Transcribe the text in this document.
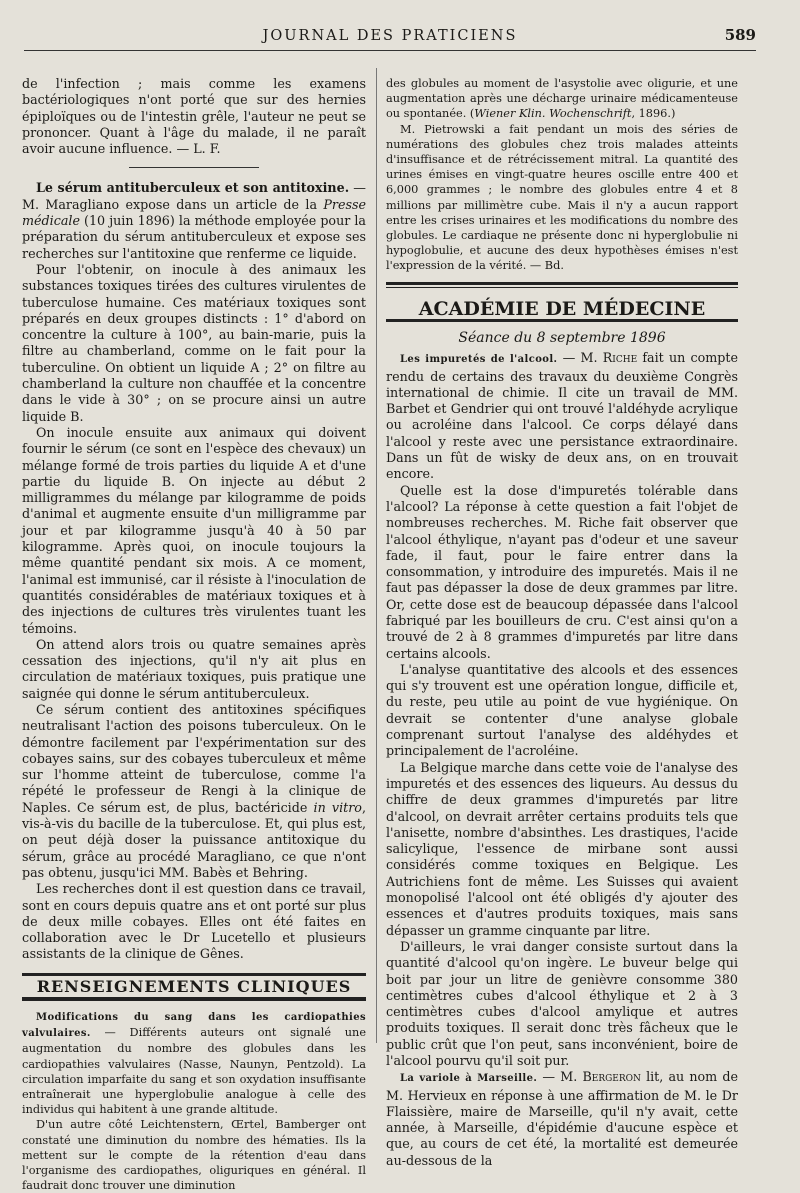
JOURNAL DES PRATICIENS	589

de l'infection ; mais comme les examens bactériologiques n'ont porté que sur des hernies épiploïques ou de l'intestin grêle, l'auteur ne peut se prononcer. Quant à l'âge du malade, il ne paraît avoir aucune influence. — L. F.

Le sérum antituberculeux et son antitoxine. — M. Maragliano expose dans un article de la Presse médicale (10 juin 1896) la méthode employée pour la préparation du sérum antituberculeux et expose ses recherches sur l'antitoxine que renferme ce liquide.

Pour l'obtenir, on inocule à des animaux les substances toxiques tirées des cultures virulentes de tuberculose humaine. Ces matériaux toxiques sont préparés en deux groupes distincts : 1° d'abord on concentre la culture à 100°, au bain-marie, puis la filtre au chamberland, comme on le fait pour la tuberculine. On obtient un liquide A ; 2° on filtre au chamberland la culture non chauffée et la concentre dans le vide à 30° ; on se procure ainsi un autre liquide B.

On inocule ensuite aux animaux qui doivent fournir le sérum (ce sont en l'espèce des chevaux) un mélange formé de trois parties du liquide A et d'une partie du liquide B. On injecte au début 2 milligrammes du mélange par kilogramme de poids d'animal et augmente ensuite d'un milligramme par jour et par kilogramme jusqu'à 40 à 50 par kilogramme. Après quoi, on inocule toujours la même quantité pendant six mois. A ce moment, l'animal est immunisé, car il résiste à l'inoculation de quantités considérables de matériaux toxiques et à des injections de cultures très virulentes tuant les témoins.

On attend alors trois ou quatre semaines après cessation des injections, qu'il n'y ait plus en circulation de matériaux toxiques, puis pratique une saignée qui donne le sérum antituberculeux.

Ce sérum contient des antitoxines spécifiques neutralisant l'action des poisons tuberculeux. On le démontre facilement par l'expérimentation sur des cobayes sains, sur des cobayes tuberculeux et même sur l'homme atteint de tuberculose, comme l'a répété le professeur de Rengi à la clinique de Naples. Ce sérum est, de plus, bactéricide in vitro, vis-à-vis du bacille de la tuberculose. Et, qui plus est, on peut déjà doser la puissance antitoxique du sérum, grâce au procédé Maragliano, ce que n'ont pas obtenu, jusqu'ici MM. Babès et Behring.

Les recherches dont il est question dans ce travail, sont en cours depuis quatre ans et ont porté sur plus de deux mille cobayes. Elles ont été faites en collaboration avec le Dr Lucetello et plusieurs assistants de la clinique de Gênes.

RENSEIGNEMENTS CLINIQUES

Modifications du sang dans les cardiopathies valvulaires. — Différents auteurs ont signalé une augmentation du nombre des globules dans les cardiopathies valvulaires (Nasse, Naunyn, Pentzold). La circulation imparfaite du sang et son oxydation insuffisante entraînerait une hyperglobulie analogue à celle des individus qui habitent à une grande altitude.

D'un autre côté Leichtenstern, Œrtel, Bamberger ont constaté une diminution du nombre des hématies. Ils la mettent sur le compte de la rétention d'eau dans l'organisme des cardiopathes, oliguriques en général. Il faudrait donc trouver une diminution

des globules au moment de l'asystolie avec oligurie, et une augmentation après une décharge urinaire médicamenteuse ou spontanée. (Wiener Klin. Wochenschrift, 1896.)

M. Pietrowski a fait pendant un mois des séries de numérations des globules chez trois malades atteints d'insuffisance et de rétrécissement mitral. La quantité des urines émises en vingt-quatre heures oscille entre 400 et 6,000 grammes ; le nombre des globules entre 4 et 8 millions par millimètre cube. Mais il n'y a aucun rapport entre les crises urinaires et les modifications du nombre des globules. Le cardiaque ne présente donc ni hyperglobulie ni hypoglobulie, et aucune des deux hypothèses émises n'est l'expression de la vérité. — Bd.

ACADÉMIE DE MÉDECINE
Séance du 8 septembre 1896

Les impuretés de l'alcool. — M. Riche fait un compte rendu de certains des travaux du deuxième Congrès international de chimie. Il cite un travail de MM. Barbet et Gendrier qui ont trouvé l'aldéhyde acrylique ou acroléine dans l'alcool. Ce corps délayé dans l'alcool y reste avec une persistance extraordinaire. Dans un fût de wisky de deux ans, on en trouvait encore.

Quelle est la dose d'impuretés tolérable dans l'alcool? La réponse à cette question a fait l'objet de nombreuses recherches. M. Riche fait observer que l'alcool éthylique, n'ayant pas d'odeur et une saveur fade, il faut, pour le faire entrer dans la consommation, y introduire des impuretés. Mais il ne faut pas dépasser la dose de deux grammes par litre. Or, cette dose est de beaucoup dépassée dans l'alcool fabriqué par les bouilleurs de cru. C'est ainsi qu'on a trouvé de 2 à 8 grammes d'impuretés par litre dans certains alcools.

L'analyse quantitative des alcools et des essences qui s'y trouvent est une opération longue, difficile et, du reste, peu utile au point de vue hygiénique. On devrait se contenter d'une analyse globale comprenant surtout l'analyse des aldéhydes et principalement de l'acroléine.

La Belgique marche dans cette voie de l'analyse des impuretés et des essences des liqueurs. Au dessus du chiffre de deux grammes d'impuretés par litre d'alcool, on devrait arrêter certains produits tels que l'anisette, nombre d'absinthes. Les drastiques, l'acide salicylique, l'essence de mirbane sont aussi considérés comme toxiques en Belgique. Les Autrichiens font de même. Les Suisses qui avaient monopolisé l'alcool ont été obligés d'y ajouter des essences et d'autres produits toxiques, mais sans dépasser un gramme cinquante par litre.

D'ailleurs, le vrai danger consiste surtout dans la quantité d'alcool qu'on ingère. Le buveur belge qui boit par jour un litre de genièvre consomme 380 centimètres cubes d'alcool éthylique et 2 à 3 centimètres cubes d'alcool amylique et autres produits toxiques. Il serait donc très fâcheux que le public crût que l'on peut, sans inconvénient, boire de l'alcool pourvu qu'il soit pur.

La variole à Marseille. — M. Bergeron lit, au nom de M. Hervieux en réponse à une affirmation de M. le Dr Flaissière, maire de Marseille, qu'il n'y avait, cette année, à Marseille, d'épidémie d'aucune espèce et que, au cours de cet été, la mortalité est demeurée au-dessous de la
